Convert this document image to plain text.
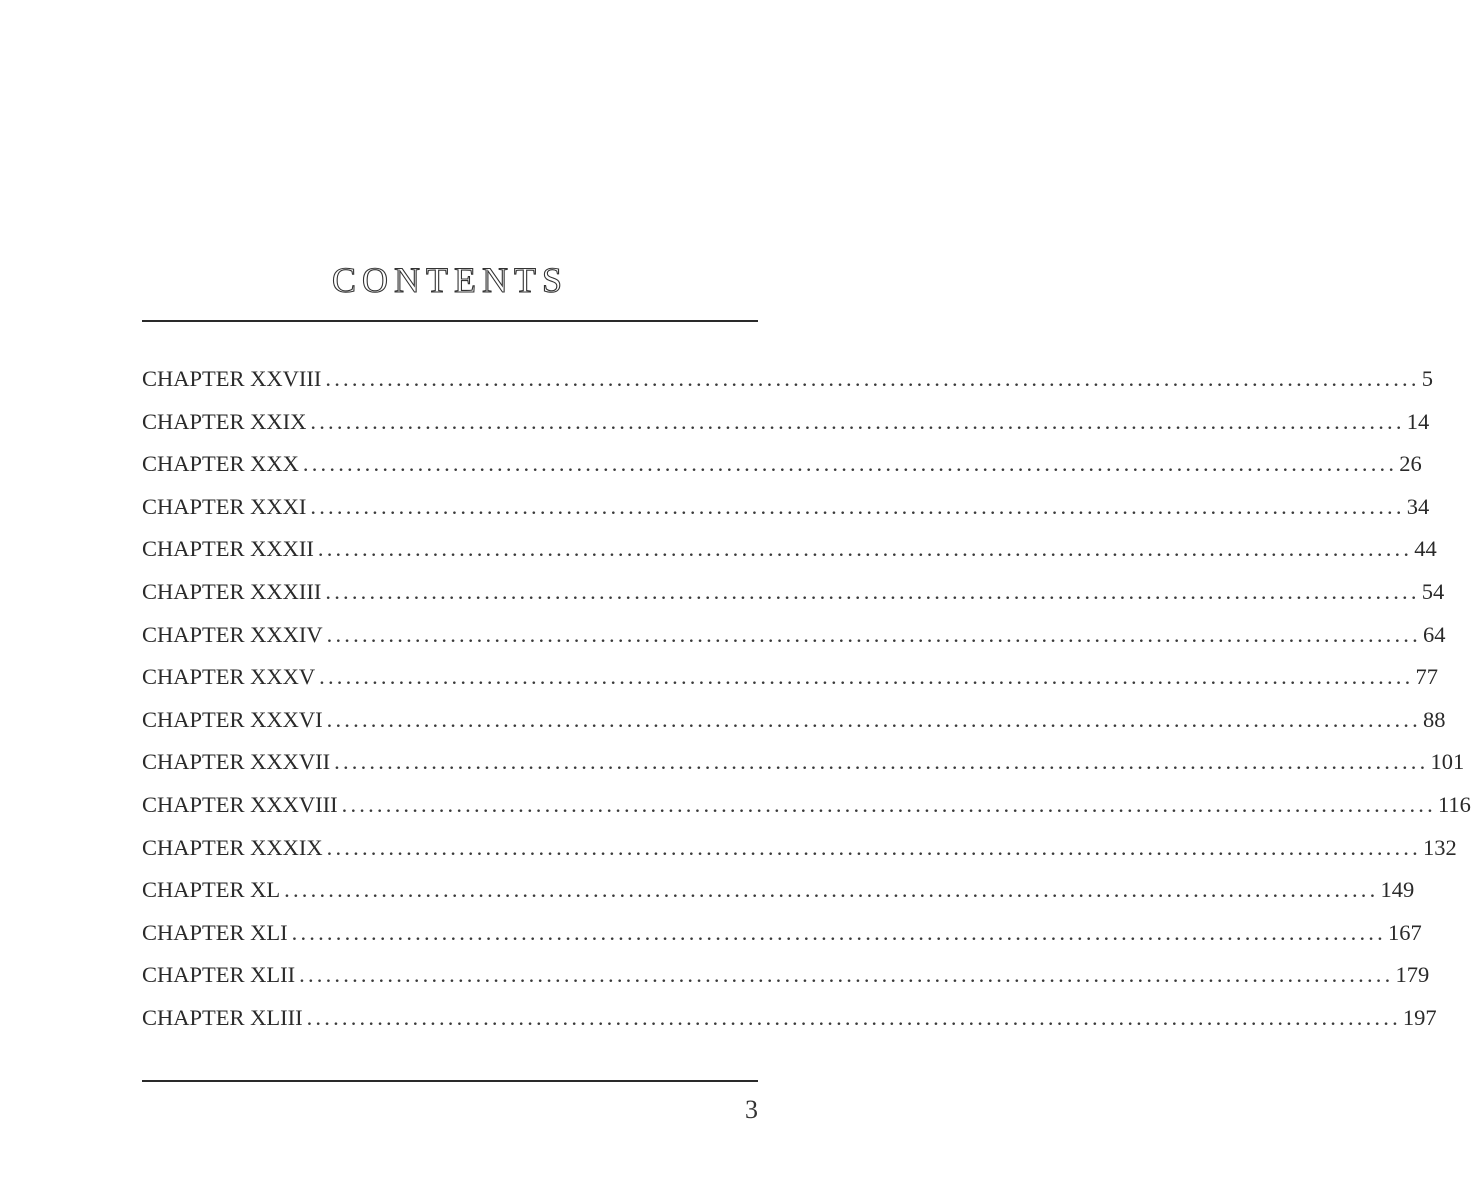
CONTENTS
CHAPTER XXVIII ............................................................................................................................ 5
CHAPTER XXIX ............................................................................................................................ 14
CHAPTER XXX ............................................................................................................................ 26
CHAPTER XXXI ............................................................................................................................ 34
CHAPTER XXXII ............................................................................................................................ 44
CHAPTER XXXIII ............................................................................................................................ 54
CHAPTER XXXIV ............................................................................................................................ 64
CHAPTER XXXV ............................................................................................................................ 77
CHAPTER XXXVI ............................................................................................................................ 88
CHAPTER XXXVII ............................................................................................................................ 101
CHAPTER XXXVIII ............................................................................................................................ 116
CHAPTER XXXIX ............................................................................................................................ 132
CHAPTER XL ............................................................................................................................ 149
CHAPTER XLI ............................................................................................................................ 167
CHAPTER XLII ............................................................................................................................ 179
CHAPTER XLIII ............................................................................................................................ 197
3
